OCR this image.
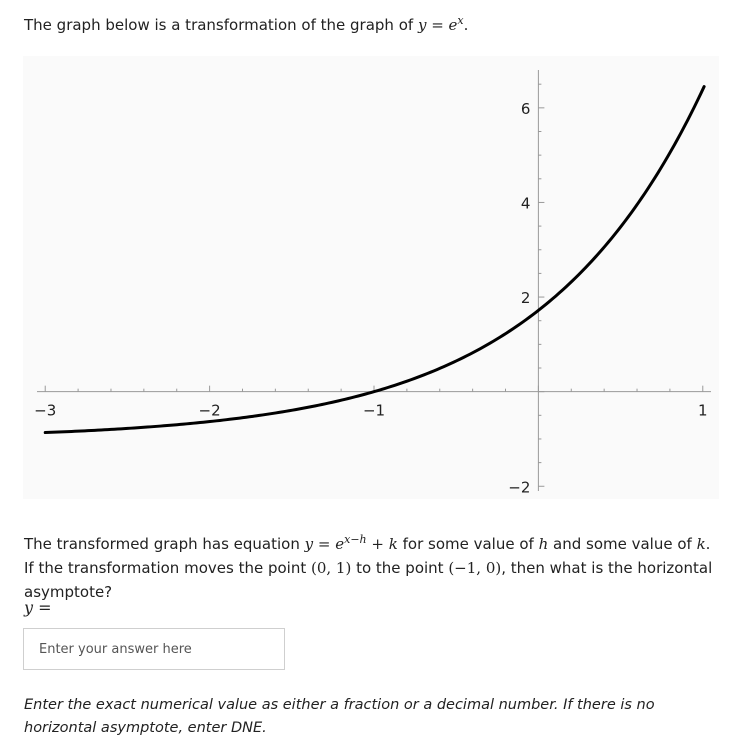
The graph below is a transformation of the graph of $y = e^x$.
−3	−2	−1	1
−2
2
4
6
The transformed graph has equation $y = e^{x-h} + k$ for some value of h and some value of k. If the transformation moves the point (0, 1) to the point (−1, 0), then what is the horizontal asymptote?
y =
Enter your answer here
Enter the exact numerical value as either a fraction or a decimal number. If there is no horizontal asymptote, enter DNE.
